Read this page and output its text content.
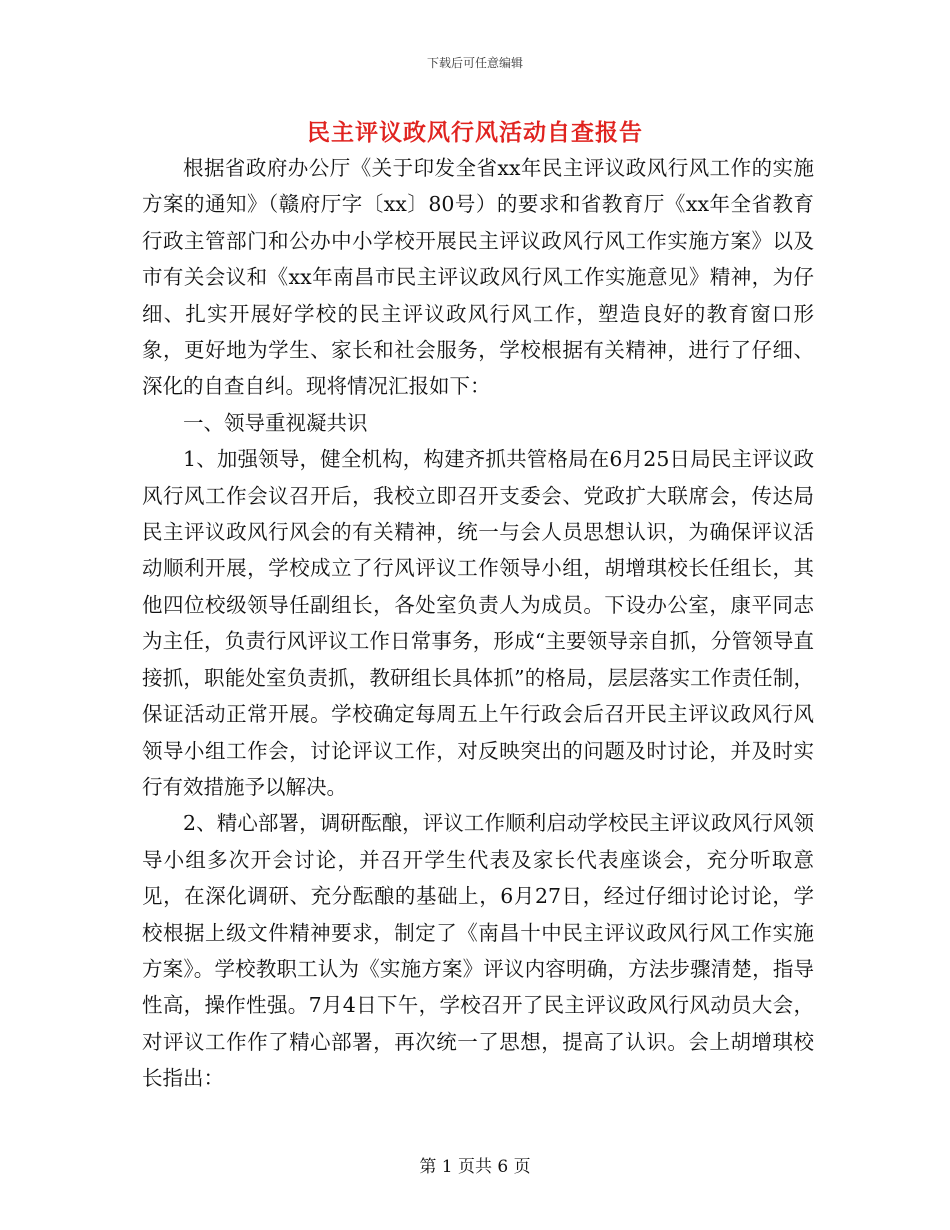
下载后可任意编辑
民主评议政风行风活动自查报告

根据省政府办公厅《关于印发全省xx年民主评议政风行风工作的实施方案的通知》（赣府厅字〔xx〕80号）的要求和省教育厅《xx年全省教育行政主管部门和公办中小学校开展民主评议政风行风工作实施方案》以及市有关会议和《xx年南昌市民主评议政风行风工作实施意见》精神，为仔细、扎实开展好学校的民主评议政风行风工作，塑造良好的教育窗口形象，更好地为学生、家长和社会服务，学校根据有关精神，进行了仔细、深化的自查自纠。现将情况汇报如下：

一、领导重视凝共识

1、加强领导，健全机构，构建齐抓共管格局在6月25日局民主评议政风行风工作会议召开后，我校立即召开支委会、党政扩大联席会，传达局民主评议政风行风会的有关精神，统一与会人员思想认识，为确保评议活动顺利开展，学校成立了行风评议工作领导小组，胡增琪校长任组长，其他四位校级领导任副组长，各处室负责人为成员。下设办公室，康平同志为主任，负责行风评议工作日常事务，形成“主要领导亲自抓，分管领导直接抓，职能处室负责抓，教研组长具体抓”的格局，层层落实工作责任制，保证活动正常开展。学校确定每周五上午行政会后召开民主评议政风行风领导小组工作会，讨论评议工作，对反映突出的问题及时讨论，并及时实行有效措施予以解决。

2、精心部署，调研酝酿，评议工作顺利启动学校民主评议政风行风领导小组多次开会讨论，并召开学生代表及家长代表座谈会，充分听取意见，在深化调研、充分酝酿的基础上，6月27日，经过仔细讨论讨论，学校根据上级文件精神要求，制定了《南昌十中民主评议政风行风工作实施方案》。学校教职工认为《实施方案》评议内容明确，方法步骤清楚，指导性高，操作性强。7月4日下午，学校召开了民主评议政风行风动员大会，对评议工作作了精心部署，再次统一了思想，提高了认识。会上胡增琪校长指出：

第 1 页共 6 页
